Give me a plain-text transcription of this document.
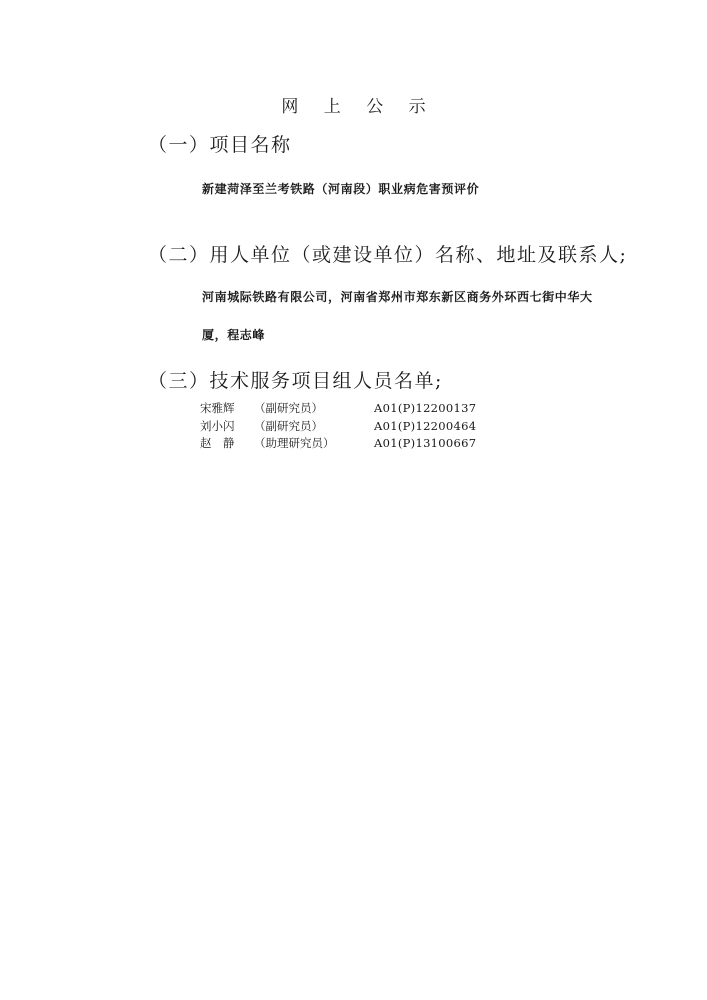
网 上 公 示
（一）项目名称
新建菏泽至兰考铁路（河南段）职业病危害预评价
（二）用人单位（或建设单位）名称、地址及联系人;
河南城际铁路有限公司，河南省郑州市郑东新区商务外环西七街中华大
厦，程志峰
（三）技术服务项目组人员名单;
宋雅辉	（副研究员）	A01(P)12200137
刘小闪	（副研究员）	A01(P)12200464
赵　静	（助理研究员）	A01(P)13100667
